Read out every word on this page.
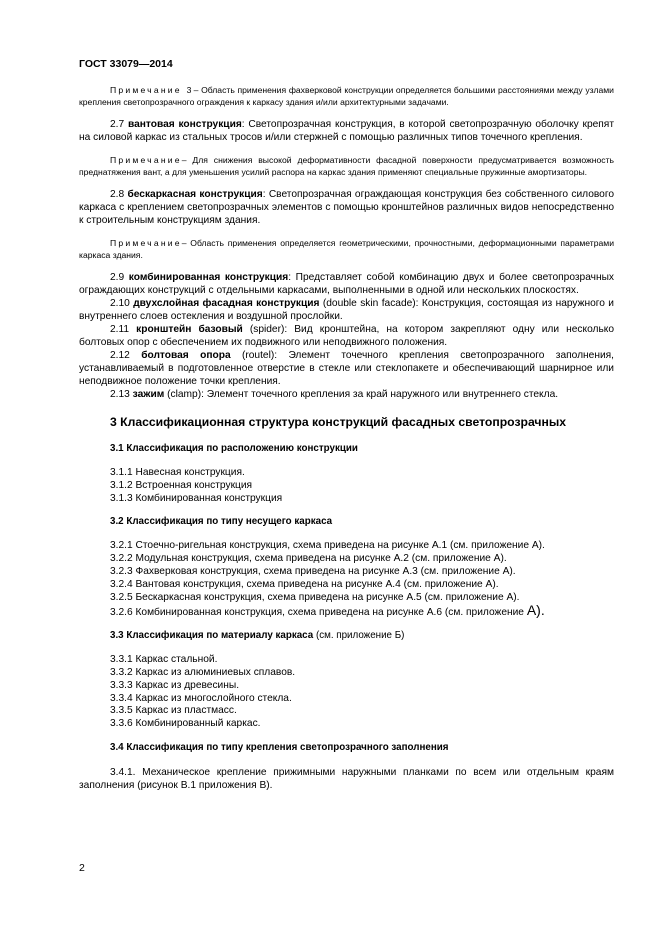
ГОСТ 33079—2014

Примечание 3– Область применения фахверковой конструкции определяется большими расстояниями между узлами крепления светопрозрачного ограждения к каркасу здания и/или архитектурными задачами.

2.7 вантовая конструкция: Светопрозрачная конструкция, в которой светопрозрачную оболочку крепят на силовой каркас из стальных тросов и/или стержней с помощью различных типов точечного крепления.

Примечание– Для снижения высокой деформативности фасадной поверхности предусматривается возможность преднатяжения вант, а для уменьшения усилий распора на каркас здания применяют специальные пружинные амортизаторы.

2.8 бескаркасная конструкция: Светопрозрачная ограждающая конструкция без собственного силового каркаса с креплением светопрозрачных элементов с помощью кронштейнов различных видов непосредственно к строительным конструкциям здания.

Примечание– Область применения определяется геометрическими, прочностными, деформационными параметрами каркаса здания.

2.9 комбинированная конструкция: Представляет собой комбинацию двух и более светопрозрачных ограждающих конструкций с отдельными каркасами, выполненными в одной или нескольких плоскостях.

2.10 двухслойная фасадная конструкция (double skin facade): Конструкция, состоящая из наружного и внутреннего слоев остекления и воздушной прослойки.

2.11 кронштейн базовый (spider): Вид кронштейна, на котором закрепляют одну или несколько болтовых опор с обеспечением их подвижного или неподвижного положения.

2.12 болтовая опора (routel): Элемент точечного крепления светопрозрачного заполнения, устанавливаемый в подготовленное отверстие в стекле или стеклопакете и обеспечивающий шарнирное или неподвижное положение точки крепления.

2.13 зажим (clamp): Элемент точечного крепления за край наружного или внутреннего стекла.

3 Классификационная структура конструкций фасадных светопрозрачных

3.1 Классификация по расположению конструкции

3.1.1 Навесная конструкция.

3.1.2 Встроенная конструкция

3.1.3 Комбинированная конструкция

3.2 Классификация по типу несущего каркаса

3.2.1 Стоечно-ригельная конструкция, схема приведена на рисунке А.1 (см. приложение А).

3.2.2 Модульная конструкция, схема приведена на рисунке А.2 (см. приложение А).

3.2.3 Фахверковая конструкция, схема приведена на рисунке А.3 (см. приложение А).

3.2.4 Вантовая конструкция, схема приведена на рисунке А.4 (см. приложение А).

3.2.5 Бескаркасная конструкция, схема приведена на рисунке А.5 (см. приложение А).

3.2.6 Комбинированная конструкция, схема приведена на рисунке А.6 (см. приложение А).

3.3 Классификация по материалу каркаса (см. приложение Б)

3.3.1 Каркас стальной.

3.3.2 Каркас из алюминиевых сплавов.

3.3.3 Каркас из древесины.

3.3.4 Каркас из многослойного стекла.

3.3.5 Каркас из пластмасс.

3.3.6 Комбинированный каркас.

3.4 Классификация по типу крепления светопрозрачного заполнения

3.4.1. Механическое крепление прижимными наружными планками по всем или отдельным краям заполнения (рисунок В.1 приложения В).

2
